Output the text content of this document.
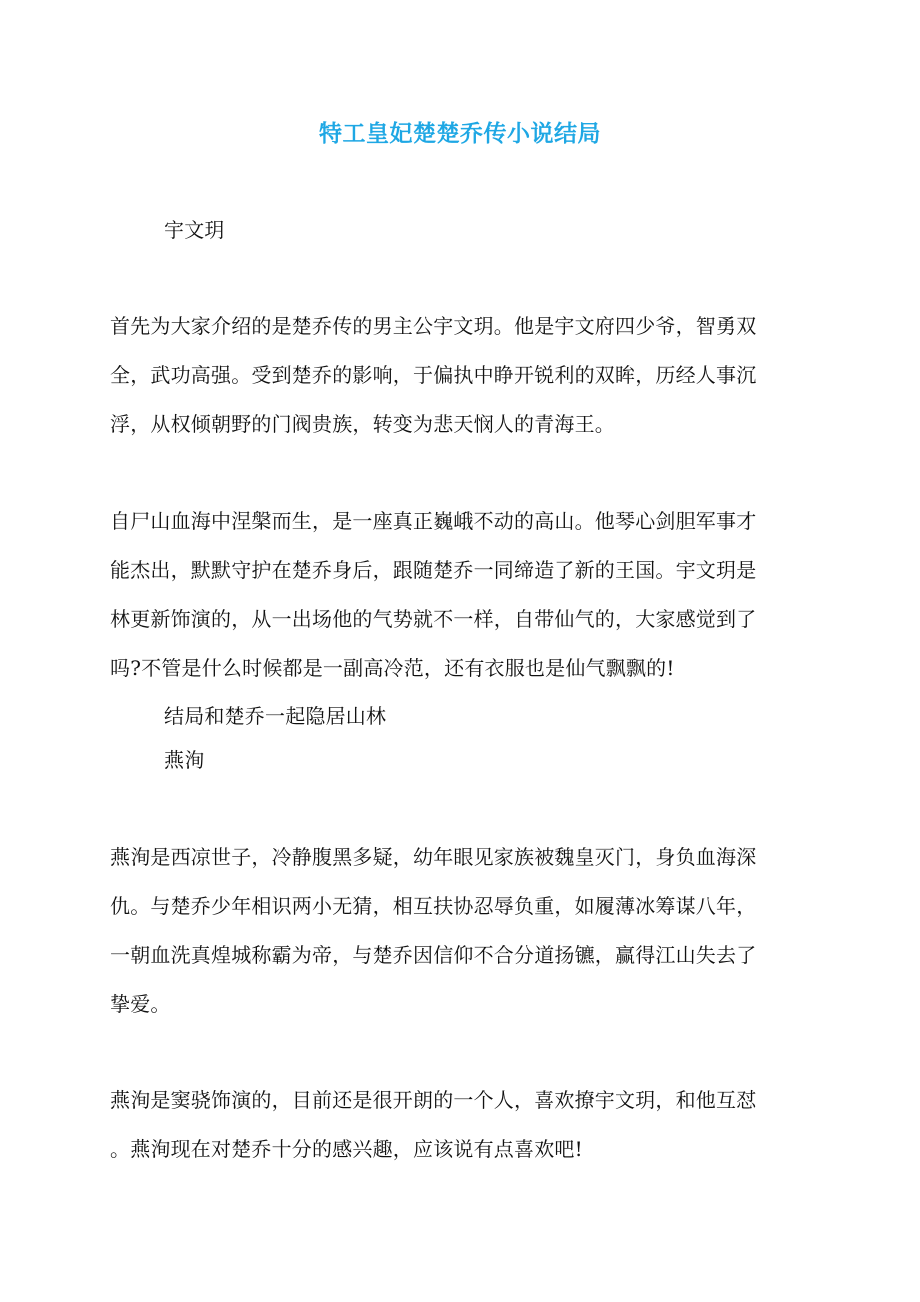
特工皇妃楚楚乔传小说结局
宇文玥
首先为大家介绍的是楚乔传的男主公宇文玥。他是宇文府四少爷，智勇双
全，武功高强。受到楚乔的影响，于偏执中睁开锐利的双眸，历经人事沉
浮，从权倾朝野的门阀贵族，转变为悲天悯人的青海王。
自尸山血海中涅槃而生，是一座真正巍峨不动的高山。他琴心剑胆军事才
能杰出，默默守护在楚乔身后，跟随楚乔一同缔造了新的王国。宇文玥是
林更新饰演的，从一出场他的气势就不一样，自带仙气的，大家感觉到了
吗?不管是什么时候都是一副高冷范，还有衣服也是仙气飘飘的!
结局和楚乔一起隐居山林
燕洵
燕洵是西凉世子，冷静腹黑多疑，幼年眼见家族被魏皇灭门，身负血海深
仇。与楚乔少年相识两小无猜，相互扶协忍辱负重，如履薄冰筹谋八年，
一朝血洗真煌城称霸为帝，与楚乔因信仰不合分道扬镳，赢得江山失去了
挚爱。
燕洵是窦骁饰演的，目前还是很开朗的一个人，喜欢撩宇文玥，和他互怼
。燕洵现在对楚乔十分的感兴趣，应该说有点喜欢吧!
